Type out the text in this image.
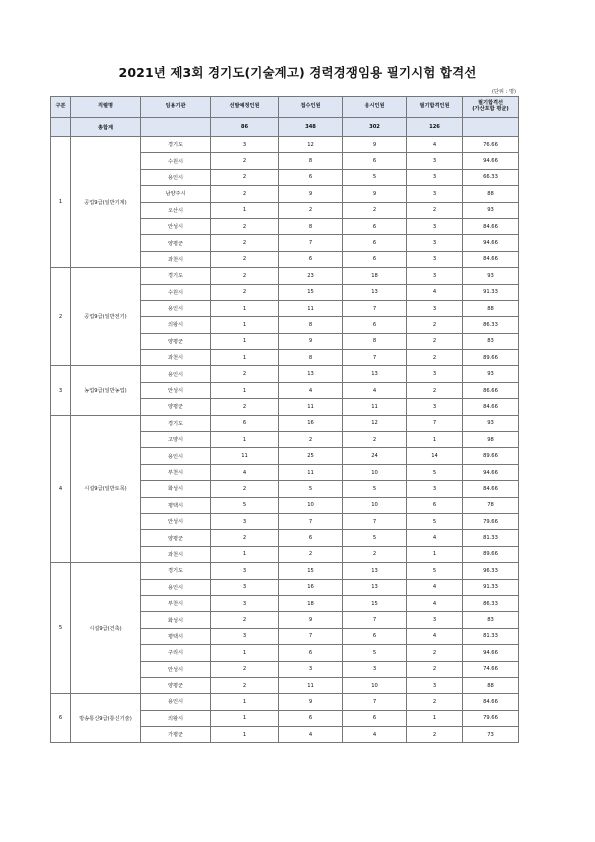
2021년 제3회 경기도(기술계고) 경력경쟁임용 필기시험 합격선
(단위 : 명)
구분	직렬명	임용기관	선발예정인원	접수인원	응시인원	필기합격인원	필기합격선
(가산포함 평균)
	총합계		86	348	302	126	
1	공업9급(일반기계)	경기도	3	12	9	4	76.66
		수원시	2	8	6	3	94.66
		용인시	2	6	5	3	66.33
		남양주시	2	9	9	3	88
		오산시	1	2	2	2	93
		안성시	2	8	6	3	84.66
		양평군	2	7	6	3	94.66
		과천시	2	6	6	3	84.66
2	공업9급(일반전기)	경기도	2	23	18	3	93
		수원시	2	15	13	4	91.33
		용인시	1	11	7	3	88
		의왕시	1	8	6	2	86.33
		양평군	1	9	8	2	83
		과천시	1	8	7	2	89.66
3	농업9급(일반농업)	용인시	2	13	13	3	93
		안성시	1	4	4	2	86.66
		양평군	2	11	11	3	84.66
4	시설9급(일반토목)	경기도	6	16	12	7	93
		고양시	1	2	2	1	98
		용인시	11	25	24	14	89.66
		부천시	4	11	10	5	94.66
		화성시	2	5	5	3	84.66
		평택시	5	10	10	6	78
		안성시	3	7	7	5	79.66
		양평군	2	6	5	4	81.33
		과천시	1	2	2	1	89.66
5	시설9급(건축)	경기도	3	15	13	5	96.33
		용인시	3	16	13	4	91.33
		부천시	3	18	15	4	86.33
		화성시	2	9	7	3	83
		평택시	3	7	6	4	81.33
		구리시	1	6	5	2	94.66
		안성시	2	3	3	2	74.66
		양평군	2	11	10	3	88
6	방송통신9급(통신기술)	용인시	1	9	7	2	84.66
		의왕시	1	6	6	1	79.66
		가평군	1	4	4	2	73
